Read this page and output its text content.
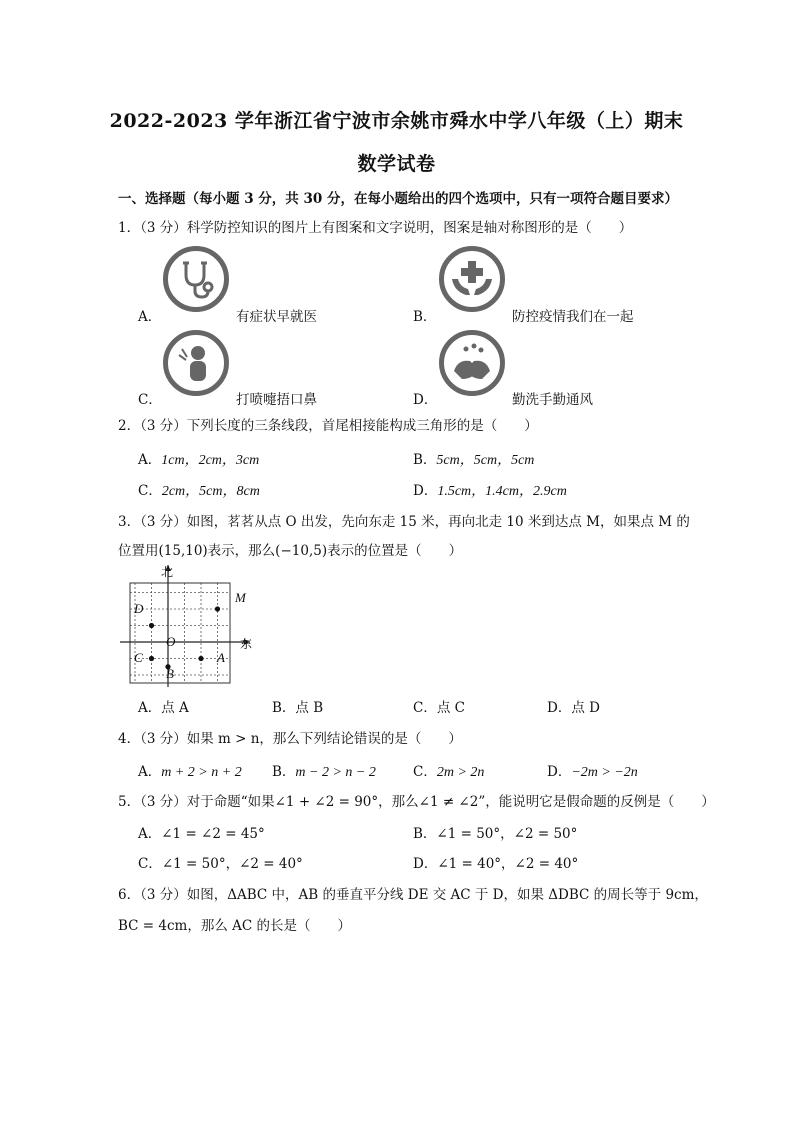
2022-2023 学年浙江省宁波市余姚市舜水中学八年级（上）期末
数学试卷
一、选择题（每小题 3 分，共 30 分，在每小题给出的四个选项中，只有一项符合题目要求）
1．（3 分）科学防控知识的图片上有图案和文字说明，图案是轴对称图形的是（　　）
A．	有症状早就医	B．	防控疫情我们在一起
C．	打喷嚏捂口鼻	D．	勤洗手勤通风
2．（3 分）下列长度的三条线段，首尾相接能构成三角形的是（　　）
A．1cm，2cm，3cm	B．5cm，5cm，5cm
C．2cm，5cm，8cm	D．1.5cm，1.4cm，2.9cm
3．（3 分）如图，茗茗从点 O 出发，先向东走 15 米，再向北走 10 米到达点 M，如果点 M 的
位置用(15,10)表示，那么(−10,5)表示的位置是（　　）
北
东
M
D
O
C	A
B
A．点 A	B．点 B	C．点 C	D．点 D
4．（3 分）如果 m > n，那么下列结论错误的是（　　）
A．m + 2 > n + 2 B．m − 2 > n − 2	C．2m > 2n	D．−2m > −2n
5．（3 分）对于命题“如果∠1 + ∠2 = 90°，那么∠1 ≠ ∠2”，能说明它是假命题的反例是（　　）
A．∠1 = ∠2 = 45°	B．∠1 = 50°，∠2 = 50°
C．∠1 = 50°，∠2 = 40°	D．∠1 = 40°，∠2 = 40°
6．（3 分）如图，ΔABC 中，AB 的垂直平分线 DE 交 AC 于 D，如果 ΔDBC 的周长等于 9cm，
BC = 4cm，那么 AC 的长是（　　）
